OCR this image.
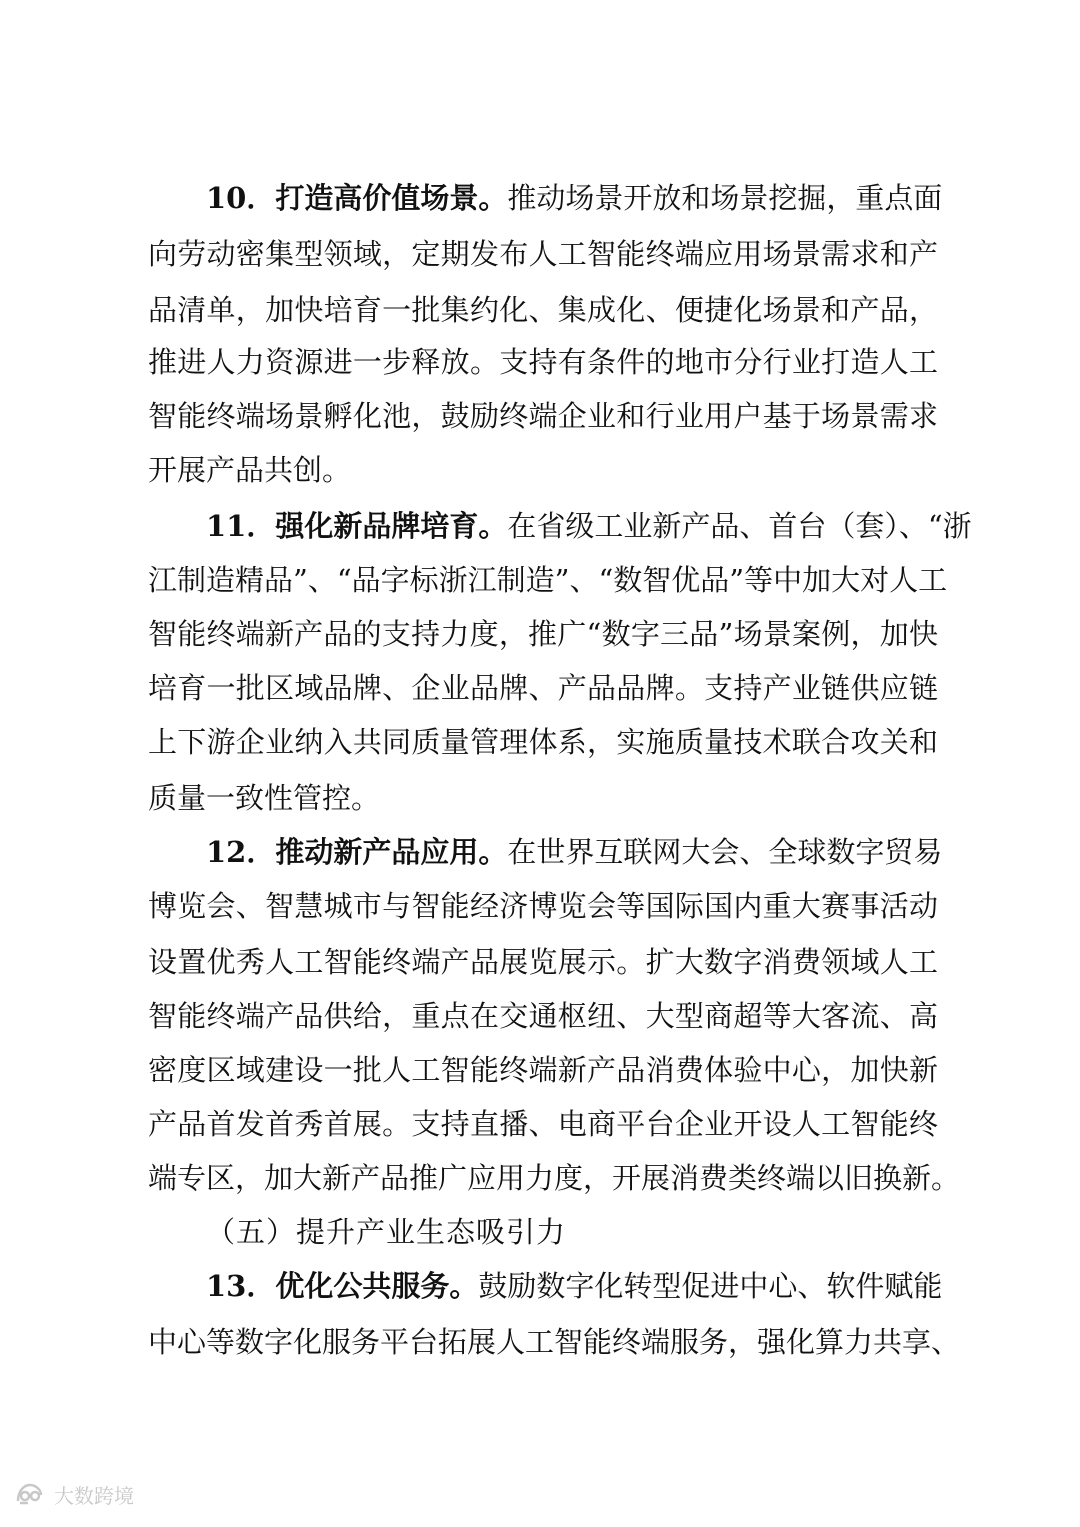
10．打造高价值场景。推动场景开放和场景挖掘，重点面
向劳动密集型领域，定期发布人工智能终端应用场景需求和产
品清单，加快培育一批集约化、集成化、便捷化场景和产品，
推进人力资源进一步释放。支持有条件的地市分行业打造人工
智能终端场景孵化池，鼓励终端企业和行业用户基于场景需求
开展产品共创。
11．强化新品牌培育。在省级工业新产品、首台（套）、“浙
江制造精品”、“品字标浙江制造”、“数智优品”等中加大对人工
智能终端新产品的支持力度，推广“数字三品”场景案例，加快
培育一批区域品牌、企业品牌、产品品牌。支持产业链供应链
上下游企业纳入共同质量管理体系，实施质量技术联合攻关和
质量一致性管控。
12．推动新产品应用。在世界互联网大会、全球数字贸易
博览会、智慧城市与智能经济博览会等国际国内重大赛事活动
设置优秀人工智能终端产品展览展示。扩大数字消费领域人工
智能终端产品供给，重点在交通枢纽、大型商超等大客流、高
密度区域建设一批人工智能终端新产品消费体验中心，加快新
产品首发首秀首展。支持直播、电商平台企业开设人工智能终
端专区，加大新产品推广应用力度，开展消费类终端以旧换新。
（五）提升产业生态吸引力
13．优化公共服务。鼓励数字化转型促进中心、软件赋能
中心等数字化服务平台拓展人工智能终端服务，强化算力共享、
大数跨境
